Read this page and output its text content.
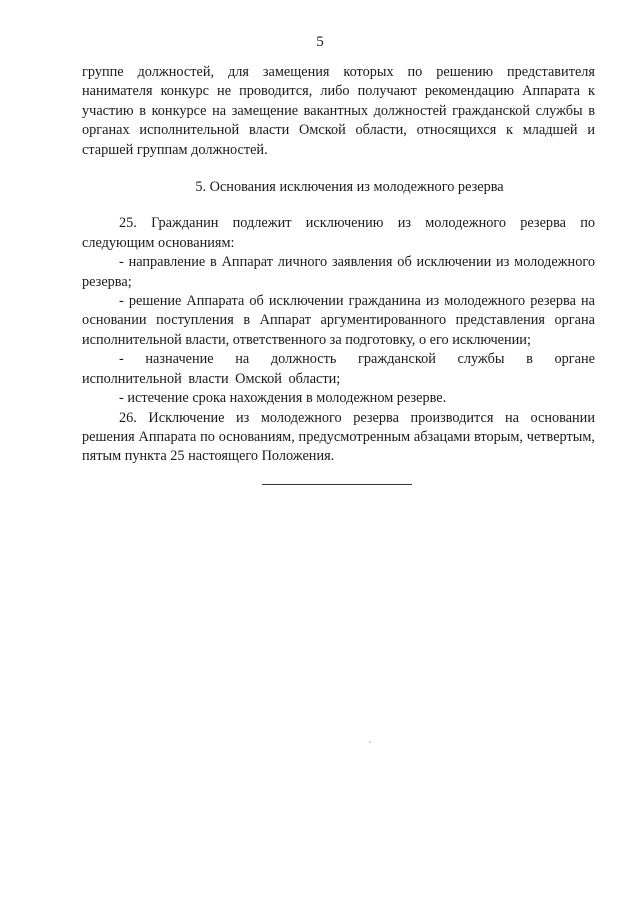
5

группе должностей, для замещения которых по решению представителя нанимателя конкурс не проводится, либо получают рекомендацию Аппарата к участию в конкурсе на замещение вакантных должностей гражданской службы в органах исполнительной власти Омской области, относящихся к младшей и старшей группам должностей.

5. Основания исключения из молодежного резерва

25. Гражданин подлежит исключению из молодежного резерва по следующим основаниям:

- направление в Аппарат личного заявления об исключении из молодежного резерва;

- решение Аппарата об исключении гражданина из молодежного резерва на основании поступления в Аппарат аргументированного представления органа исполнительной власти, ответственного за подготовку, о его исключении;

- назначение на должность гражданской службы в органе исполнительной власти Омской области;

- истечение срока нахождения в молодежном резерве.

26. Исключение из молодежного резерва производится на основании решения Аппарата по основаниям, предусмотренным абзацами вторым, четвертым, пятым пункта 25 настоящего Положения.
